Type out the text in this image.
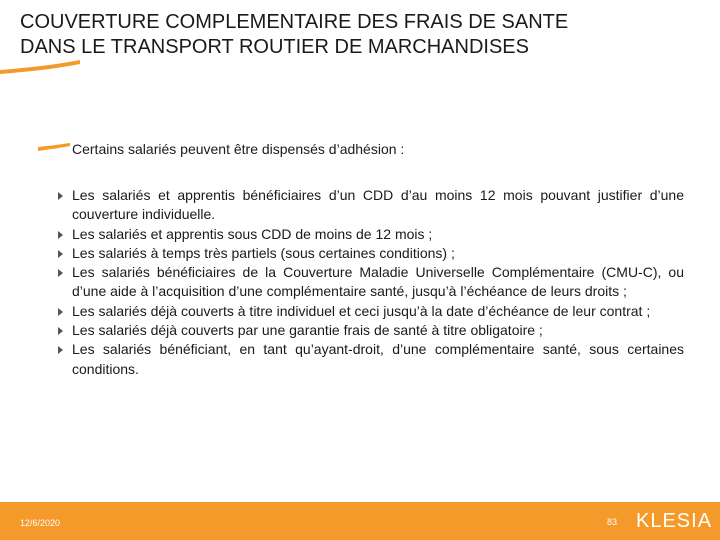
COUVERTURE COMPLEMENTAIRE DES FRAIS DE SANTE
DANS LE TRANSPORT ROUTIER DE MARCHANDISES
Certains salariés peuvent être dispensés d’adhésion :
Les salariés et apprentis bénéficiaires d’un CDD d’au moins 12 mois pouvant justifier d’une couverture individuelle.
Les salariés et apprentis sous CDD de moins de 12 mois ;
Les salariés à temps très partiels (sous certaines conditions) ;
Les salariés bénéficiaires de la Couverture Maladie Universelle Complémentaire (CMU-C), ou d’une aide à l’acquisition d’une complémentaire santé, jusqu’à l’échéance de leurs droits ;
Les salariés déjà couverts à titre individuel et ceci jusqu’à la date d’échéance de leur contrat ;
Les salariés déjà couverts par une garantie frais de santé à titre obligatoire ;
Les salariés bénéficiant, en tant qu’ayant-droit, d’une complémentaire santé, sous certaines conditions.
12/6/2020	83 KLESIA
